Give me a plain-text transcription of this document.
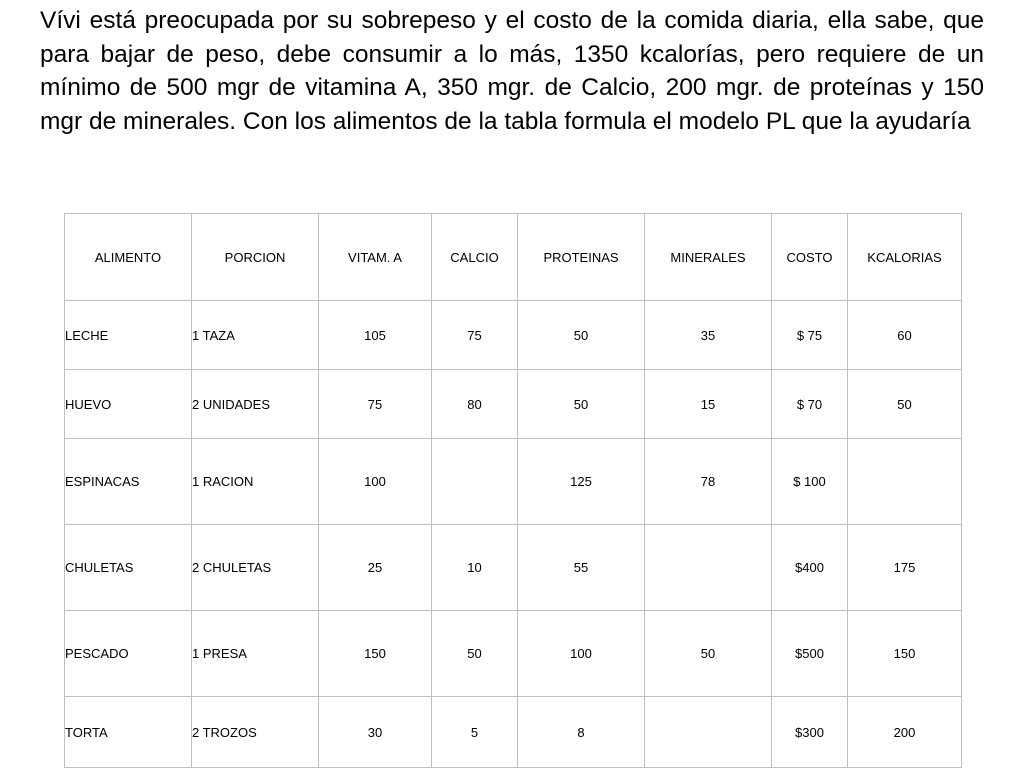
Vívi está preocupada por su sobrepeso y el costo de la comida diaria, ella sabe, que para bajar de peso, debe consumir a lo más, 1350 kcalorías, pero requiere de un mínimo de 500 mgr de vitamina A, 350 mgr. de Calcio, 200 mgr. de proteínas y 150 mgr de minerales. Con los alimentos de la tabla formula el modelo PL que la ayudaría

ALIMENTO	PORCION	VITAM. A	CALCIO	PROTEINAS	MINERALES	COSTO	KCALORIAS
LECHE	1 TAZA	105	75	50	35	$ 75	60
HUEVO	2 UNIDADES	75	80	50	15	$ 70	50
ESPINACAS	1 RACION	100		125	78	$ 100	
CHULETAS	2 CHULETAS	25	10	55		$400	175
PESCADO	1 PRESA	150	50	100	50	$500	150
TORTA	2 TROZOS	30	5	8		$300	200
